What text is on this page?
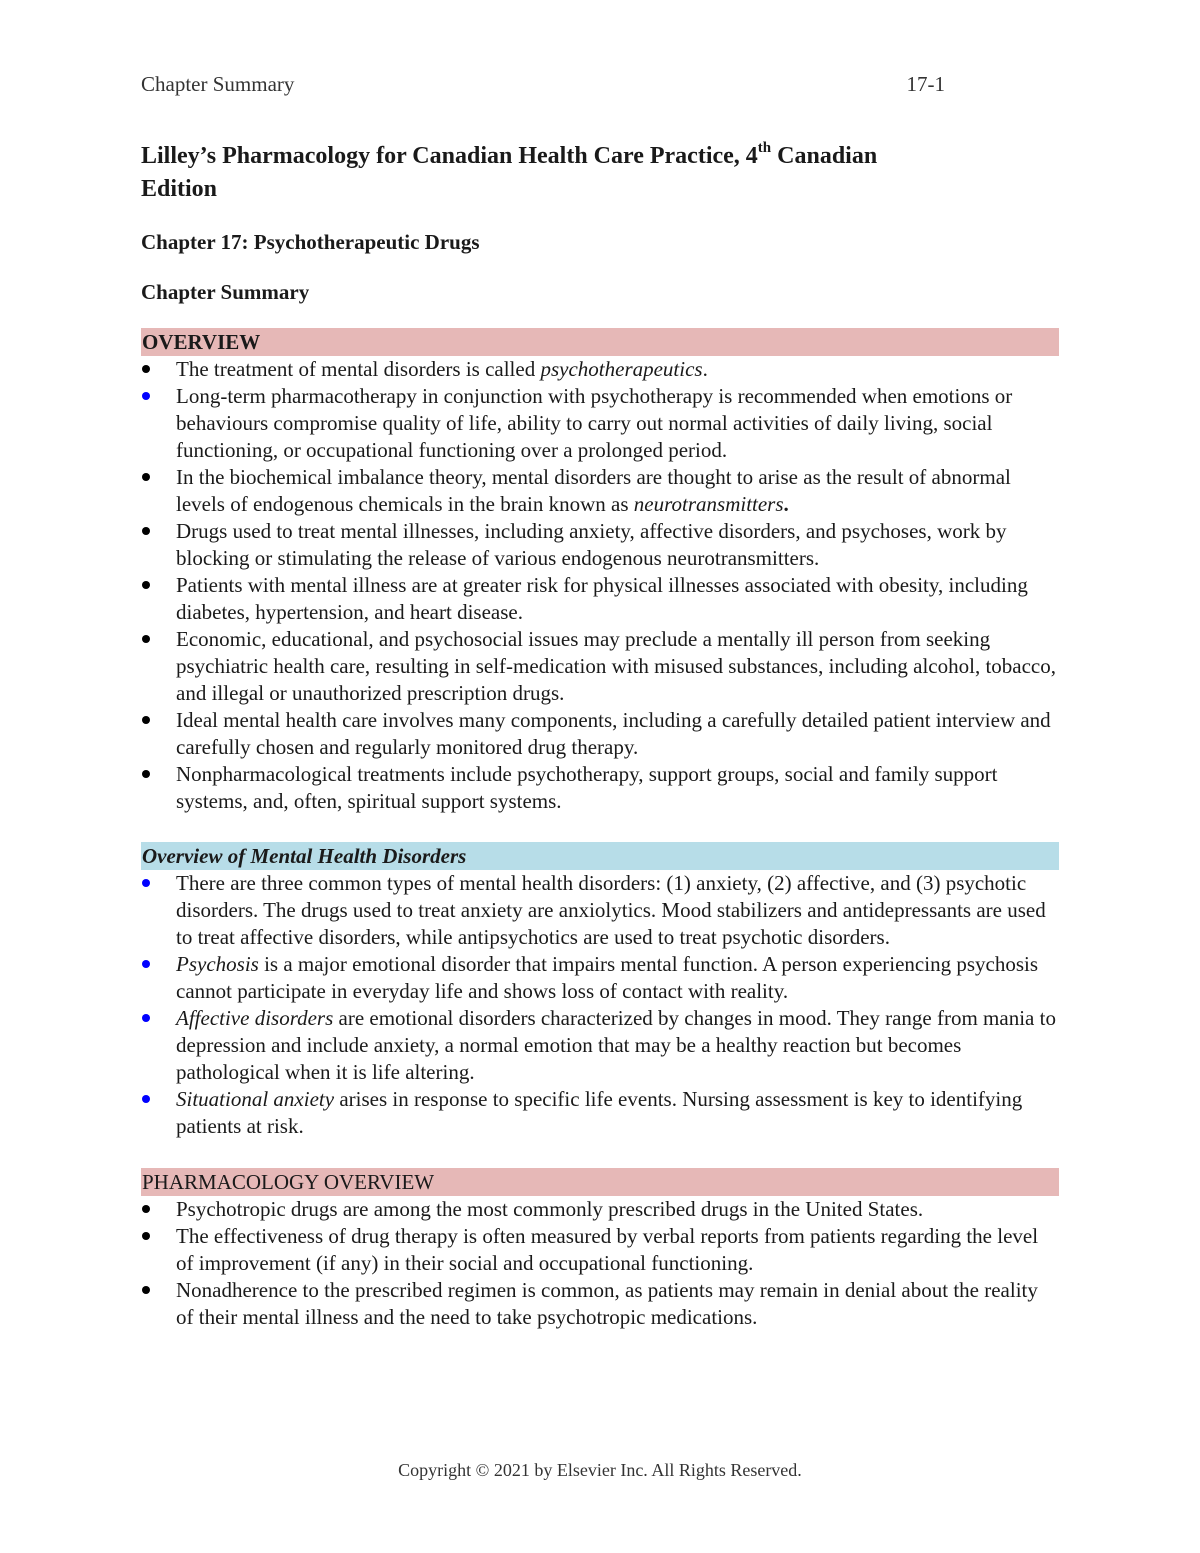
Chapter Summary	17-1
Lilley’s Pharmacology for Canadian Health Care Practice, 4th Canadian
Edition
Chapter 17: Psychotherapeutic Drugs
Chapter Summary
OVERVIEW
The treatment of mental disorders is called psychotherapeutics.
Long-term pharmacotherapy in conjunction with psychotherapy is recommended when emotions or behaviours compromise quality of life, ability to carry out normal activities of daily living, social functioning, or occupational functioning over a prolonged period.
In the biochemical imbalance theory, mental disorders are thought to arise as the result of abnormal levels of endogenous chemicals in the brain known as neurotransmitters.
Drugs used to treat mental illnesses, including anxiety, affective disorders, and psychoses, work by blocking or stimulating the release of various endogenous neurotransmitters.
Patients with mental illness are at greater risk for physical illnesses associated with obesity, including diabetes, hypertension, and heart disease.
Economic, educational, and psychosocial issues may preclude a mentally ill person from seeking psychiatric health care, resulting in self-medication with misused substances, including alcohol, tobacco, and illegal or unauthorized prescription drugs.
Ideal mental health care involves many components, including a carefully detailed patient interview and carefully chosen and regularly monitored drug therapy.
Nonpharmacological treatments include psychotherapy, support groups, social and family support systems, and, often, spiritual support systems.
Overview of Mental Health Disorders
There are three common types of mental health disorders: (1) anxiety, (2) affective, and (3) psychotic disorders. The drugs used to treat anxiety are anxiolytics. Mood stabilizers and antidepressants are used to treat affective disorders, while antipsychotics are used to treat psychotic disorders.
Psychosis is a major emotional disorder that impairs mental function. A person experiencing psychosis cannot participate in everyday life and shows loss of contact with reality.
Affective disorders are emotional disorders characterized by changes in mood. They range from mania to depression and include anxiety, a normal emotion that may be a healthy reaction but becomes pathological when it is life altering.
Situational anxiety arises in response to specific life events. Nursing assessment is key to identifying patients at risk.
PHARMACOLOGY OVERVIEW
Psychotropic drugs are among the most commonly prescribed drugs in the United States.
The effectiveness of drug therapy is often measured by verbal reports from patients regarding the level of improvement (if any) in their social and occupational functioning.
Nonadherence to the prescribed regimen is common, as patients may remain in denial about the reality of their mental illness and the need to take psychotropic medications.
Copyright © 2021 by Elsevier Inc. All Rights Reserved.
